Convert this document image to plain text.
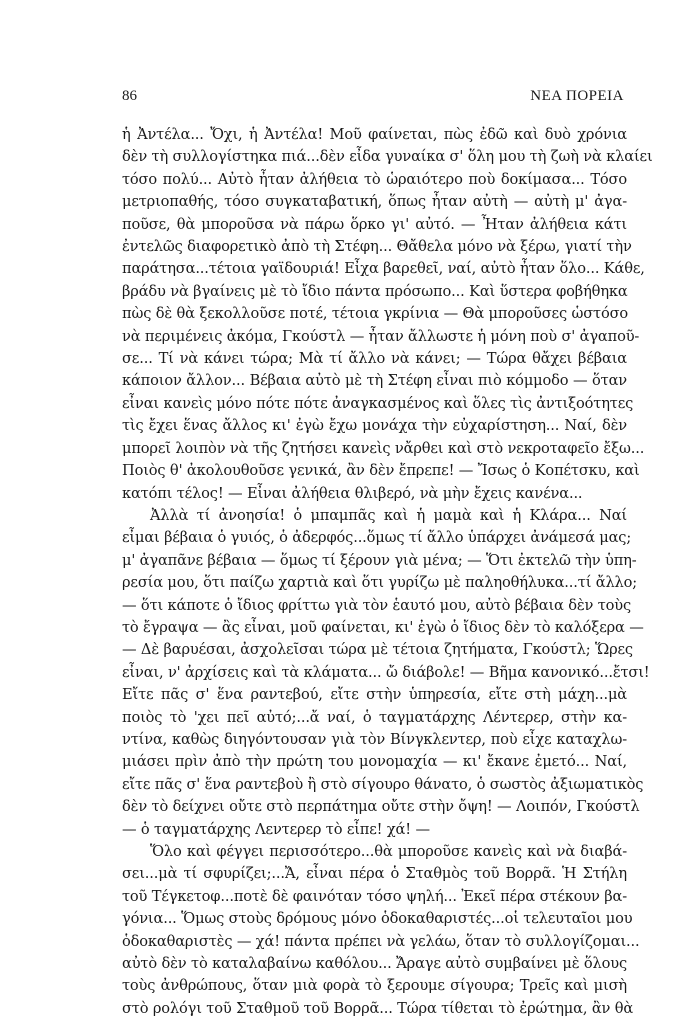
86	ΝΕΑ ΠΟΡΕΙΑ
ἡ Ἀντέλα... Ὄχι, ἡ Ἀντέλα! Μοῦ φαίνεται, πὼς ἐδῶ καὶ δυὸ χρόνια
δὲν τὴ συλλογίστηκα πιά...δὲν εἶδα γυναίκα σ' ὅλη μου τὴ ζωὴ νὰ κλαίει
τόσο πολύ... Αὐτὸ ἦταν ἀλήθεια τὸ ὡραιότερο ποὺ δοκίμασα... Τόσο
μετριοπαθής, τόσο συγκαταβατική, ὅπως ἦταν αὐτὴ — αὐτὴ μ' ἀγα-
ποῦσε, θὰ μποροῦσα νὰ πάρω ὅρκο γι' αὐτό. — Ἦταν ἀλήθεια κάτι
ἐντελῶς διαφορετικὸ ἀπὸ τὴ Στέφη... Θἄθελα μόνο νὰ ξέρω, γιατί τὴν
παράτησα...τέτοια γαϊδουριά! Εἶχα βαρεθεῖ, ναί, αὐτὸ ἦταν ὅλο... Κάθε,
βράδυ νὰ βγαίνεις μὲ τὸ ἴδιο πάντα πρόσωπο... Καὶ ὕστερα φοβήθηκα
πὼς δὲ θὰ ξεκολλοῦσε ποτέ, τέτοια γκρίνια — Θὰ μποροῦσες ὡστόσο
νὰ περιμένεις ἀκόμα, Γκούστλ — ἦταν ἄλλωστε ἡ μόνη ποὺ σ' ἀγαποῦ-
σε... Τί νὰ κάνει τώρα; Μὰ τί ἄλλο νὰ κάνει; — Τώρα θἄχει βέβαια
κάποιον ἄλλον... Βέβαια αὐτὸ μὲ τὴ Στέφη εἶναι πιὸ κόμμοδο — ὅταν
εἶναι κανεὶς μόνο πότε πότε ἀναγκασμένος καὶ ὅλες τὶς ἀντιξοότητες
τὶς ἔχει ἕνας ἄλλος κι' ἐγὼ ἔχω μονάχα τὴν εὐχαρίστηση... Ναί, δὲν
μπορεῖ λοιπὸν νὰ τῆς ζητήσει κανεὶς νἄρθει καὶ στὸ νεκροταφεῖο ἔξω...
Ποιὸς θ' ἀκολουθοῦσε γενικά, ἂν δὲν ἔπρεπε! — Ἴσως ὁ Κοπέτσκυ, καὶ
κατόπι τέλος! — Εἶναι ἀλήθεια θλιβερό, νὰ μὴν ἔχεις κανένα...
Ἀλλὰ τί ἀνοησία! ὁ μπαμπᾶς καὶ ἡ μαμὰ καὶ ἡ Κλάρα... Ναί
εἶμαι βέβαια ὁ γυιός, ὁ ἀδερφός...ὅμως τί ἄλλο ὑπάρχει ἀνάμεσά μας;
μ' ἀγαπᾶνε βέβαια — ὅμως τί ξέρουν γιὰ μένα; — Ὅτι ἐκτελῶ τὴν ὑπη-
ρεσία μου, ὅτι παίζω χαρτιὰ καὶ ὅτι γυρίζω μὲ παληοθήλυκα...τί ἄλλο;
— ὅτι κάποτε ὁ ἴδιος φρίττω γιὰ τὸν ἑαυτό μου, αὐτὸ βέβαια δὲν τοὺς
τὸ ἔγραψα — ἂς εἶναι, μοῦ φαίνεται, κι' ἐγὼ ὁ ἴδιος δὲν τὸ καλόξερα —
— Δὲ βαρυέσαι, ἀσχολεῖσαι τώρα μὲ τέτοια ζητήματα, Γκούστλ; Ὥρες
εἶναι, ν' ἀρχίσεις καὶ τὰ κλάματα... ὤ διάβολε! — Βῆμα κανονικό...ἔτσι!
Εἴτε πᾶς σ' ἕνα ραντεβού, εἴτε στὴν ὑπηρεσία, εἴτε στὴ μάχη...μὰ
ποιὸς τὸ 'χει πεῖ αὐτό;...ἄ ναί, ὁ ταγματάρχης Λέντερερ, στὴν κα-
ντίνα, καθὼς διηγόντουσαν γιὰ τὸν Βίνγκλεντερ, ποὺ εἶχε καταχλω-
μιάσει πρὶν ἀπὸ τὴν πρώτη του μονομαχία — κι' ἔκανε ἐμετό... Ναί,
εἴτε πᾶς σ' ἕνα ραντεβοὺ ἢ στὸ σίγουρο θάνατο, ὁ σωστὸς ἀξιωματικὸς
δὲν τὸ δείχνει οὔτε στὸ περπάτημα οὔτε στὴν ὄψη! — Λοιπόν, Γκούστλ
— ὁ ταγματάρχης Λεντερερ τὸ εἶπε! χά! —
Ὅλο καὶ φέγγει περισσότερο...θὰ μποροῦσε κανεὶς καὶ νὰ διαβά-
σει...μὰ τί σφυρίζει;...Ἄ, εἶναι πέρα ὁ Σταθμὸς τοῦ Βορρᾶ. Ἡ Στήλη
τοῦ Τέγκετοφ...ποτὲ δὲ φαινόταν τόσο ψηλή... Ἐκεῖ πέρα στέκουν βα-
γόνια... Ὅμως στοὺς δρόμους μόνο ὁδοκαθαριστές...οἱ τελευταῖοι μου
ὁδοκαθαριστὲς — χά! πάντα πρέπει νὰ γελάω, ὅταν τὸ συλλογίζομαι...
αὐτὸ δὲν τὸ καταλαβαίνω καθόλου... Ἄραγε αὐτὸ συμβαίνει μὲ ὅλους
τοὺς ἀνθρώπους, ὅταν μιὰ φορὰ τὸ ξερουμε σίγουρα; Τρεῖς καὶ μισὴ
στὸ ρολόγι τοῦ Σταθμοῦ τοῦ Βορρᾶ... Τώρα τίθεται τὸ ἐρώτημα, ἂν θὰ
